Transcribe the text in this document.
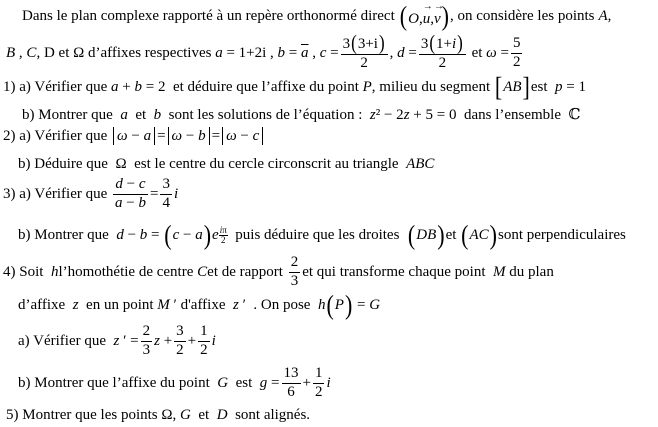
Dans le plan complexe rapporté à un repère orthonormé direct (O,→ u,→ v) , on considère les points A ,
B , C , D
et
Ω
d’affixes respectives
a = 1+2 i , $b = \overline{a}$ , $c = \frac{3(3+i)}{2}$ , $d = \frac{3(1+i)}{2}$
et
$\omega = \frac{5}{2}$
1) a) Vérifier que
a + b = 2 et déduire que l’affixe du point
P , milieu du segment
[ AB ] est
p = 1
b) Montrer que
a
et
b
sont les solutions de l’équation :
z ² − 2 z + 5 = 0 dans l’ensemble ℂ
2) a) Vérifier que
ω − a = ω − b = ω − c
b) Déduire que
Ω
est le centre du cercle circonscrit au triangle
ABC
3) a) Vérifier que
$\frac{d - c}{a - b} = \frac{3}{4}$ i
b) Montrer que
d − b = ( c − a ) e iπ
2
puis déduire que les droites
( DB ) et
( AC ) sont perpendiculaires
4) Soit
h l’homothétie de centre
C et de rapport
$\frac{2}{3}$ et qui transforme chaque point
M
du plan
d’affixe
z
en un point
M ′ d'affixe
z ′ . On pose
h ( P ) = G
a) Vérifier que
z ′ = $\frac{2}{3}$ $z + \frac{3}{2} + \frac{1}{2}$ i
b) Montrer que l’affixe du point
G
est
$g = \frac{13}{6} + \frac{1}{2}$ i
5) Montrer que les points
Ω , G
et
D
sont alignés.
